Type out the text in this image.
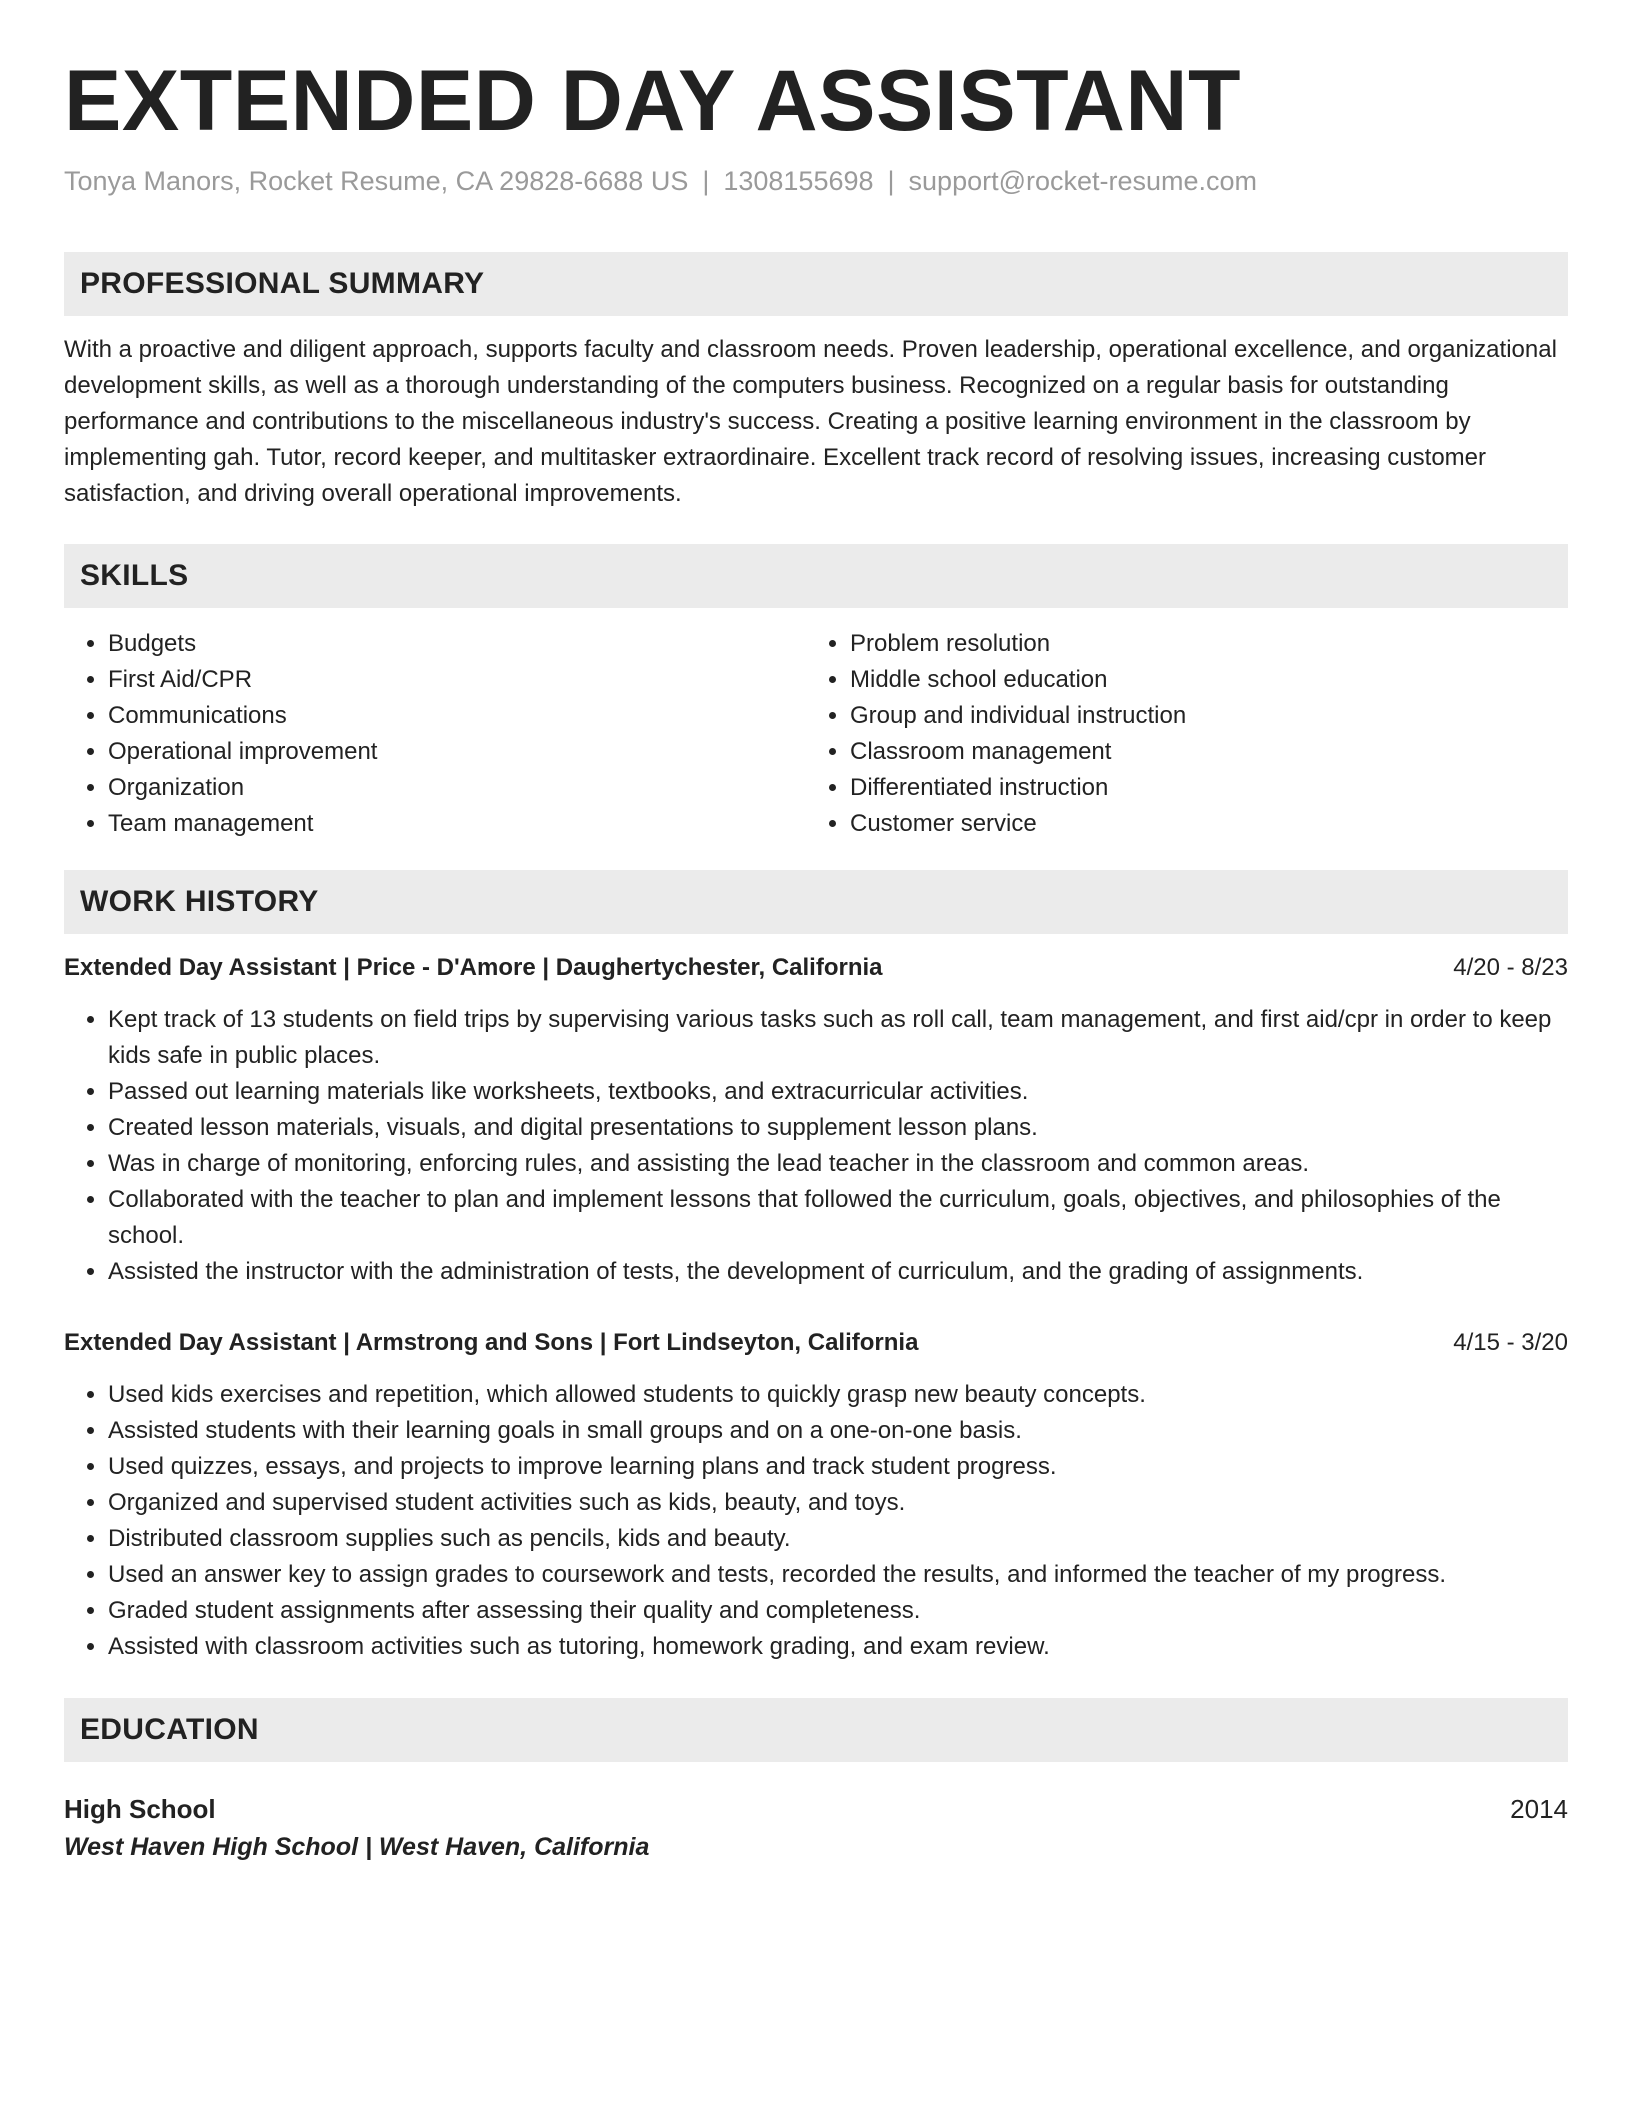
EXTENDED DAY ASSISTANT
Tonya Manors, Rocket Resume, CA 29828-6688 US | 1308155698 | support@rocket-resume.com
PROFESSIONAL SUMMARY

With a proactive and diligent approach, supports faculty and classroom needs. Proven leadership, operational excellence, and organizational development skills, as well as a thorough understanding of the computers business. Recognized on a regular basis for outstanding performance and contributions to the miscellaneous industry's success. Creating a positive learning environment in the classroom by implementing gah. Tutor, record keeper, and multitasker extraordinaire. Excellent track record of resolving issues, increasing customer satisfaction, and driving overall operational improvements.

SKILLS
• Budgets
• First Aid/CPR
• Communications
• Operational improvement
• Organization
• Team management
• Problem resolution
• Middle school education
• Group and individual instruction
• Classroom management
• Differentiated instruction
• Customer service
WORK HISTORY
Extended Day Assistant | Price - D'Amore | Daughertychester, California	4/20 - 8/23
• Kept track of 13 students on field trips by supervising various tasks such as roll call, team management, and first aid/cpr in order to keep kids safe in public places.
• Passed out learning materials like worksheets, textbooks, and extracurricular activities.
• Created lesson materials, visuals, and digital presentations to supplement lesson plans.
• Was in charge of monitoring, enforcing rules, and assisting the lead teacher in the classroom and common areas.
• Collaborated with the teacher to plan and implement lessons that followed the curriculum, goals, objectives, and philosophies of the school.
• Assisted the instructor with the administration of tests, the development of curriculum, and the grading of assignments.
Extended Day Assistant | Armstrong and Sons | Fort Lindseyton, California	4/15 - 3/20
• Used kids exercises and repetition, which allowed students to quickly grasp new beauty concepts.
• Assisted students with their learning goals in small groups and on a one-on-one basis.
• Used quizzes, essays, and projects to improve learning plans and track student progress.
• Organized and supervised student activities such as kids, beauty, and toys.
• Distributed classroom supplies such as pencils, kids and beauty.
• Used an answer key to assign grades to coursework and tests, recorded the results, and informed the teacher of my progress.
• Graded student assignments after assessing their quality and completeness.
• Assisted with classroom activities such as tutoring, homework grading, and exam review.
EDUCATION
High School	2014
West Haven High School | West Haven, California
